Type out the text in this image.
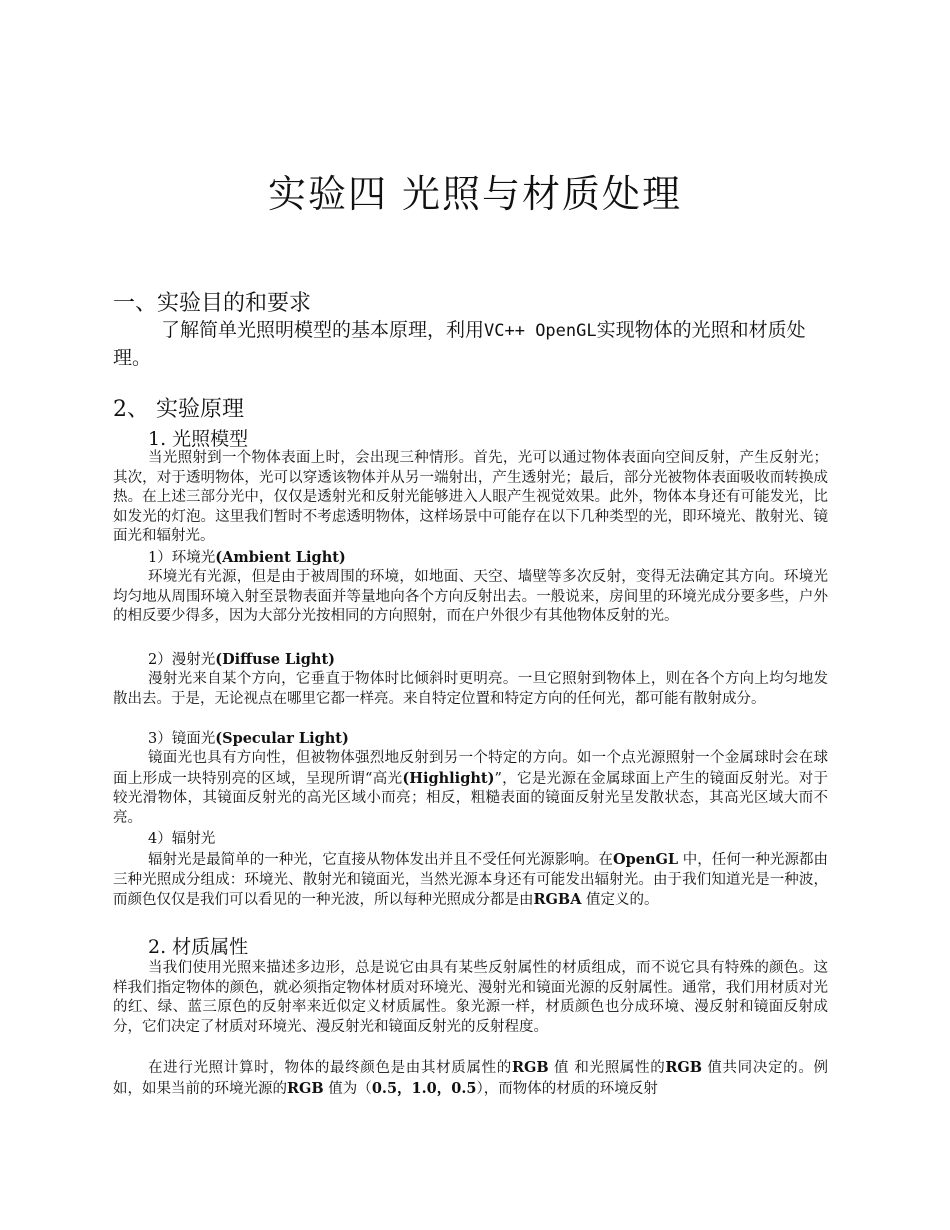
实验四 光照与材质处理
一、实验目的和要求

了解简单光照明模型的基本原理，利用VC++ OpenGL实现物体的光照和材质处理。

2、 实验原理
1. 光照模型

当光照射到一个物体表面上时，会出现三种情形。首先，光可以通过物体表面向空间反射，产生反射光；其次，对于透明物体，光可以穿透该物体并从另一端射出，产生透射光；最后，部分光被物体表面吸收而转换成热。在上述三部分光中，仅仅是透射光和反射光能够进入人眼产生视觉效果。此外，物体本身还有可能发光，比如发光的灯泡。这里我们暂时不考虑透明物体，这样场景中可能存在以下几种类型的光，即环境光、散射光、镜面光和辐射光。

1）环境光(Ambient Light)

环境光有光源，但是由于被周围的环境，如地面、天空、墙壁等多次反射，变得无法确定其方向。环境光均匀地从周围环境入射至景物表面并等量地向各个方向反射出去。一般说来，房间里的环境光成分要多些，户外的相反要少得多，因为大部分光按相同的方向照射，而在户外很少有其他物体反射的光。

2）漫射光(Diffuse Light)

漫射光来自某个方向，它垂直于物体时比倾斜时更明亮。一旦它照射到物体上，则在各个方向上均匀地发散出去。于是，无论视点在哪里它都一样亮。来自特定位置和特定方向的任何光，都可能有散射成分。

3）镜面光(Specular Light)

镜面光也具有方向性，但被物体强烈地反射到另一个特定的方向。如一个点光源照射一个金属球时会在球面上形成一块特别亮的区域，呈现所谓“高光(Highlight)”，它是光源在金属球面上产生的镜面反射光。对于较光滑物体，其镜面反射光的高光区域小而亮；相反，粗糙表面的镜面反射光呈发散状态，其高光区域大而不亮。

4）辐射光

辐射光是最简单的一种光，它直接从物体发出并且不受任何光源影响。在OpenGL 中，任何一种光源都由三种光照成分组成：环境光、散射光和镜面光，当然光源本身还有可能发出辐射光。由于我们知道光是一种波，而颜色仅仅是我们可以看见的一种光波，所以每种光照成分都是由RGBA 值定义的。

2. 材质属性

当我们使用光照来描述多边形，总是说它由具有某些反射属性的材质组成，而不说它具有特殊的颜色。这样我们指定物体的颜色，就必须指定物体材质对环境光、漫射光和镜面光源的反射属性。通常，我们用材质对光的红、绿、蓝三原色的反射率来近似定义材质属性。象光源一样，材质颜色也分成环境、漫反射和镜面反射成分，它们决定了材质对环境光、漫反射光和镜面反射光的反射程度。

在进行光照计算时，物体的最终颜色是由其材质属性的RGB 值 和光照属性的RGB 值共同决定的。例如，如果当前的环境光源的RGB 值为（0.5，1.0，0.5），而物体的材质的环境反射
